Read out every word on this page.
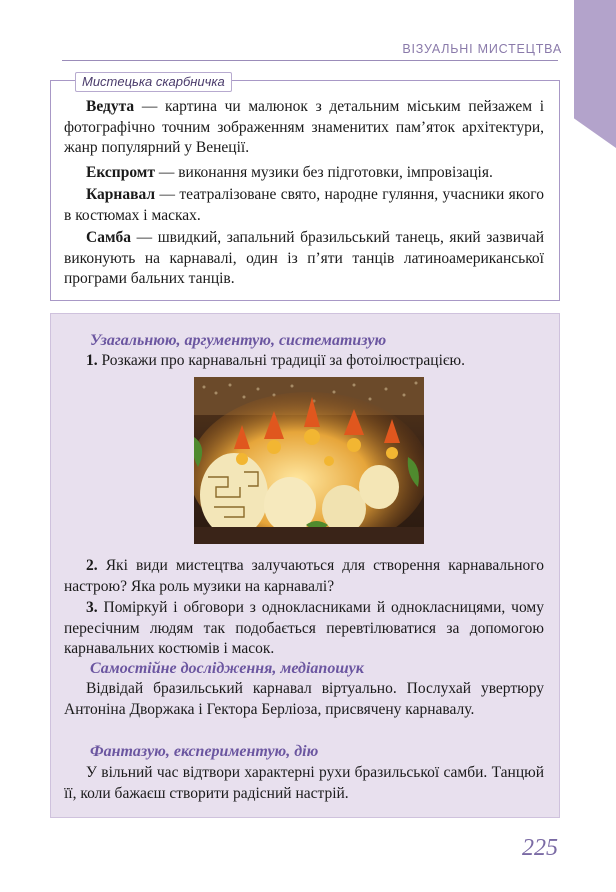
ВІЗУАЛЬНІ МИСТЕЦТВА
Мистецька скарбничка

Ведута — картина чи малюнок з детальним міським пейзажем і фотографічно точним зображенням знаменитих пам’яток архітектури, жанр популярний у Венеції.

Експромт — виконання музики без підготовки, імпровізація.

Карнавал — театралізоване свято, народне гуляння, учасники якого в костюмах і масках.

Самба — швидкий, запальний бразильський танець, який зазвичай виконують на карнавалі, один із п’яти танців латиноамериканської програми бальних танців.

Узагальнюю, аргументую, систематизую

1. Розкажи про карнавальні традиції за фотоілюстрацією.

2. Які види мистецтва залучаються для створення карнавального настрою? Яка роль музики на карнавалі?

3. Поміркуй і обговори з однокласниками й однокласницями, чому пересічним людям так подобається перевтілюватися за допомогою карнавальних костюмів і масок.

Самостійне дослідження, медіапошук

Відвідай бразильський карнавал віртуально. Послухай увертюру Антоніна Дворжака і Гектора Берліоза, присвячену карнавалу.

Фантазую, експериментую, дію

У вільний час відтвори характерні рухи бразильської самби. Танцюй її, коли бажаєш створити радісний настрій.

225
